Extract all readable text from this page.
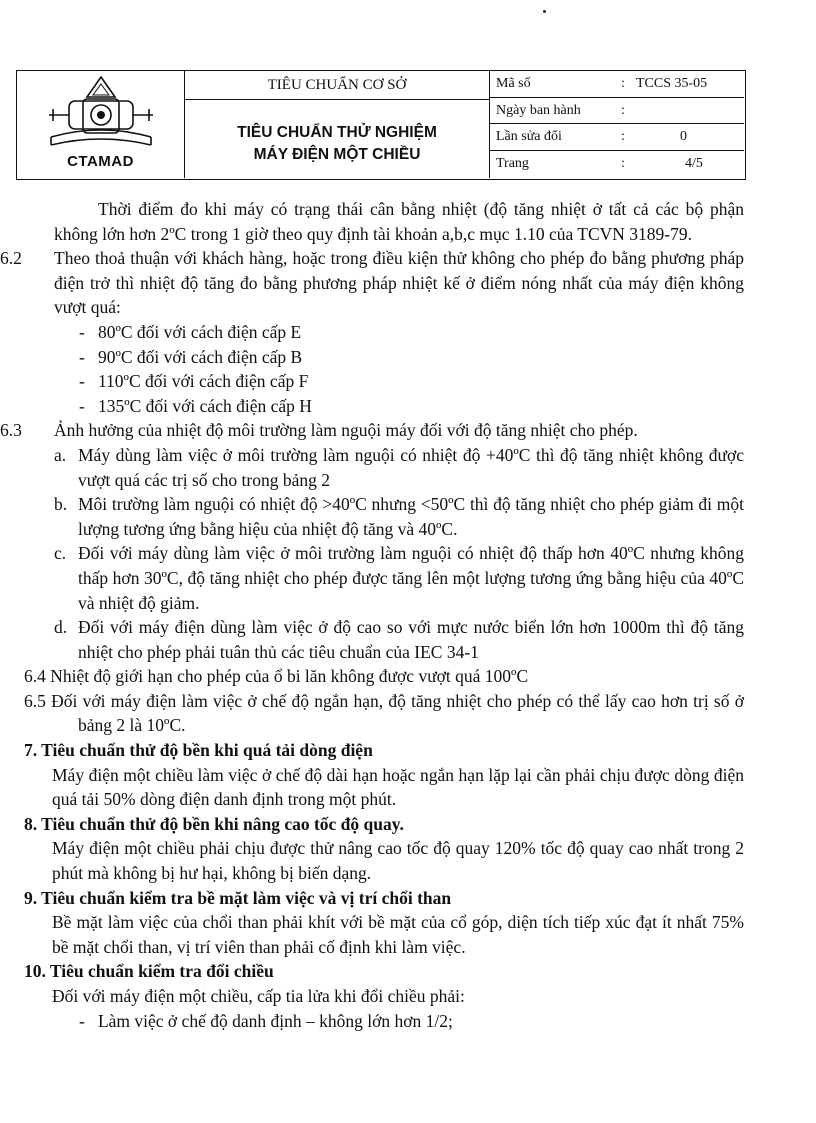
CTAMAD
TIÊU CHUẨN CƠ SỞ
TIÊU CHUẨN THỬ NGHIỆM
MÁY ĐIỆN MỘT CHIỀU
Mã số	: TCCS 35-05
Ngày ban hành	:
Lần sửa đổi	:	0
Trang	:	4/5

Thời điểm đo khi máy có trạng thái cân bằng nhiệt (độ tăng nhiệt ở tất cả các bộ phận không lớn hơn 2ºC trong 1 giờ theo quy định tài khoản a,b,c mục 1.10 của TCVN 3189-79.

6.2 Theo thoả thuận với khách hàng, hoặc trong điều kiện thử không cho phép đo bằng phương pháp điện trở thì nhiệt độ tăng đo bằng phương pháp nhiệt kế ở điểm nóng nhất của máy điện không vượt quá:

-   80ºC đối với cách điện cấp E

-   90ºC đối với cách điện cấp B

-   110ºC đối với cách điện cấp F

-   135ºC đối với cách điện cấp H

6.3 Ảnh hưởng của nhiệt độ môi trường làm nguội máy đối với độ tăng nhiệt cho phép.

a. Máy dùng làm việc ở môi trường làm nguội có nhiệt độ +40ºC thì độ tăng nhiệt không được vượt quá các trị số cho trong bảng 2

b. Môi trường làm nguội có nhiệt độ >40ºC nhưng <50ºC thì độ tăng nhiệt cho phép giảm đi một lượng tương ứng bằng hiệu của nhiệt độ tăng và 40ºC.

c. Đối với máy dùng làm việc ở môi trường làm nguội có nhiệt độ thấp hơn 40ºC nhưng không thấp hơn 30ºC, độ tăng nhiệt cho phép được tăng lên một lượng tương ứng bằng hiệu của 40ºC và nhiệt độ giảm.

d. Đối với máy điện dùng làm việc ở độ cao so với mực nước biển lớn hơn 1000m thì độ tăng nhiệt cho phép phải tuân thủ các tiêu chuẩn của IEC 34-1

6.4 Nhiệt độ giới hạn cho phép của ổ bi lăn không được vượt quá 100ºC

6.5 Đối với máy điện làm việc ở chế độ ngắn hạn, độ tăng nhiệt cho phép có thể lấy cao hơn trị số ở bảng 2 là 10ºC.

7. Tiêu chuẩn thử độ bền khi quá tải dòng điện

Máy điện một chiều làm việc ở chế độ dài hạn hoặc ngắn hạn lặp lại cần phải chịu được dòng điện quá tải 50% dòng điện danh định trong một phút.

8. Tiêu chuẩn thử độ bền khi nâng cao tốc độ quay.

Máy điện một chiều phải chịu được thử nâng cao tốc độ quay 120% tốc độ quay cao nhất trong 2 phút mà không bị hư hại, không bị biến dạng.

9. Tiêu chuẩn kiểm tra bề mặt làm việc và vị trí chổi than

Bề mặt làm việc của chổi than phải khít với bề mặt của cổ góp, diện tích tiếp xúc đạt ít nhất 75% bề mặt chổi than, vị trí viên than phải cố định khi làm việc.

10. Tiêu chuẩn kiểm tra đổi chiều

Đối với máy điện một chiều, cấp tia lửa khi đổi chiều phải:

-   Làm việc ở chế độ danh định – không lớn hơn 1/2;
